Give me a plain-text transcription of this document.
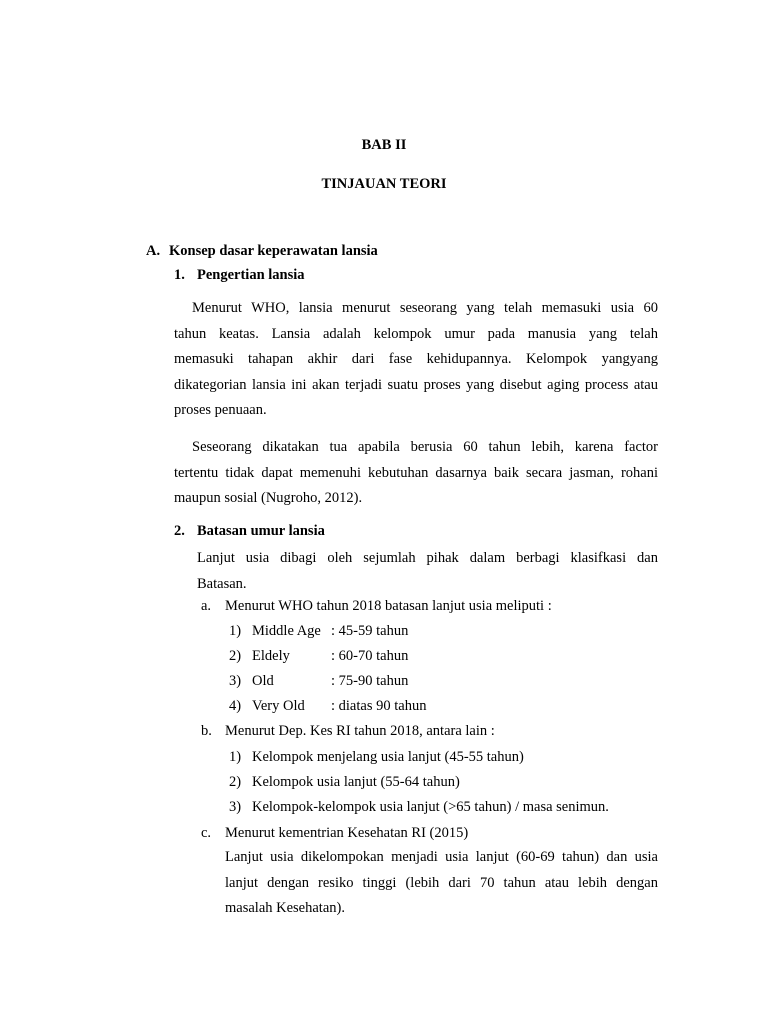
BAB II
TINJAUAN TEORI
A. Konsep dasar keperawatan lansia
1. Pengertian lansia
Menurut WHO, lansia menurut seseorang yang telah memasuki usia 60
tahun keatas. Lansia adalah kelompok umur pada manusia yang telah
memasuki tahapan akhir dari fase kehidupannya. Kelompok yangyang
dikategorian lansia ini akan terjadi suatu proses yang disebut aging process atau
proses penuaan.
Seseorang dikatakan tua apabila berusia 60 tahun lebih, karena factor
tertentu tidak dapat memenuhi kebutuhan dasarnya baik secara jasman, rohani
maupun sosial (Nugroho, 2012).
2. Batasan umur lansia
Lanjut usia dibagi oleh sejumlah pihak dalam berbagi klasifkasi dan
Batasan.
a. Menurut WHO tahun 2018 batasan lanjut usia meliputi :
1) Middle Age : 45-59 tahun
2) Eldely	: 60-70 tahun
3) Old	: 75-90 tahun
4) Very Old : diatas 90 tahun
b. Menurut Dep. Kes RI tahun 2018, antara lain :
1) Kelompok menjelang usia lanjut (45-55 tahun)
2) Kelompok usia lanjut (55-64 tahun)
3) Kelompok-kelompok usia lanjut (>65 tahun) / masa senimun.
c. Menurut kementrian Kesehatan RI (2015)
Lanjut usia dikelompokan menjadi usia lanjut (60-69 tahun) dan usia
lanjut dengan resiko tinggi (lebih dari 70 tahun atau lebih dengan
masalah Kesehatan).
